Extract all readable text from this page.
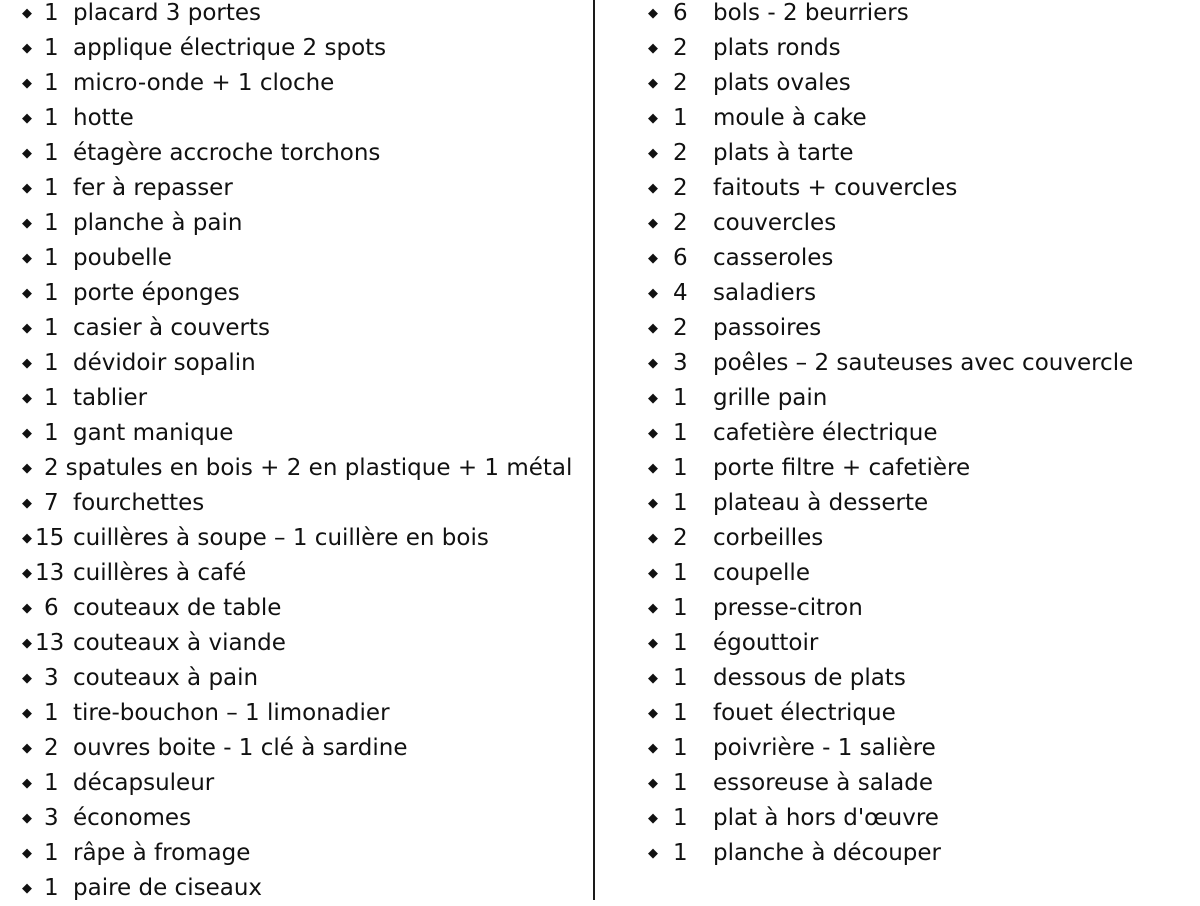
◆ 1 placard 3 portes
◆ 1 applique électrique 2 spots
◆ 1 micro-onde + 1 cloche
◆ 1 hotte
◆ 1 étagère accroche torchons
◆ 1 fer à repasser
◆ 1 planche à pain
◆ 1 poubelle
◆ 1 porte éponges
◆ 1 casier à couverts
◆ 1 dévidoir sopalin
◆ 1 tablier
◆ 1 gant manique
◆ 2 spatules en bois + 2 en plastique + 1 métal
◆ 7 fourchettes
◆ 15 cuillères à soupe – 1 cuillère en bois
◆ 13 cuillères à café
◆ 6 couteaux de table
◆ 13 couteaux à viande
◆ 3 couteaux à pain
◆ 1 tire-bouchon – 1 limonadier
◆ 2 ouvres boite - 1 clé à sardine
◆ 1 décapsuleur
◆ 3 économes
◆ 1 râpe à fromage
◆ 1 paire de ciseaux
◆ 6	bols - 2 beurriers
◆ 2	plats ronds
◆ 2	plats ovales
◆ 1	moule à cake
◆ 2	plats à tarte
◆ 2	faitouts + couvercles
◆ 2	couvercles
◆ 6	casseroles
◆ 4	saladiers
◆ 2	passoires
◆ 3	poêles – 2 sauteuses avec couvercle
◆ 1	grille pain
◆ 1	cafetière électrique
◆ 1	porte filtre + cafetière
◆ 1	plateau à desserte
◆ 2	corbeilles
◆ 1	coupelle
◆ 1	presse-citron
◆ 1	égouttoir
◆ 1	dessous de plats
◆ 1	fouet électrique
◆ 1	poivrière - 1 salière
◆ 1	essoreuse à salade
◆ 1	plat à hors d'œuvre
◆ 1	planche à découper
